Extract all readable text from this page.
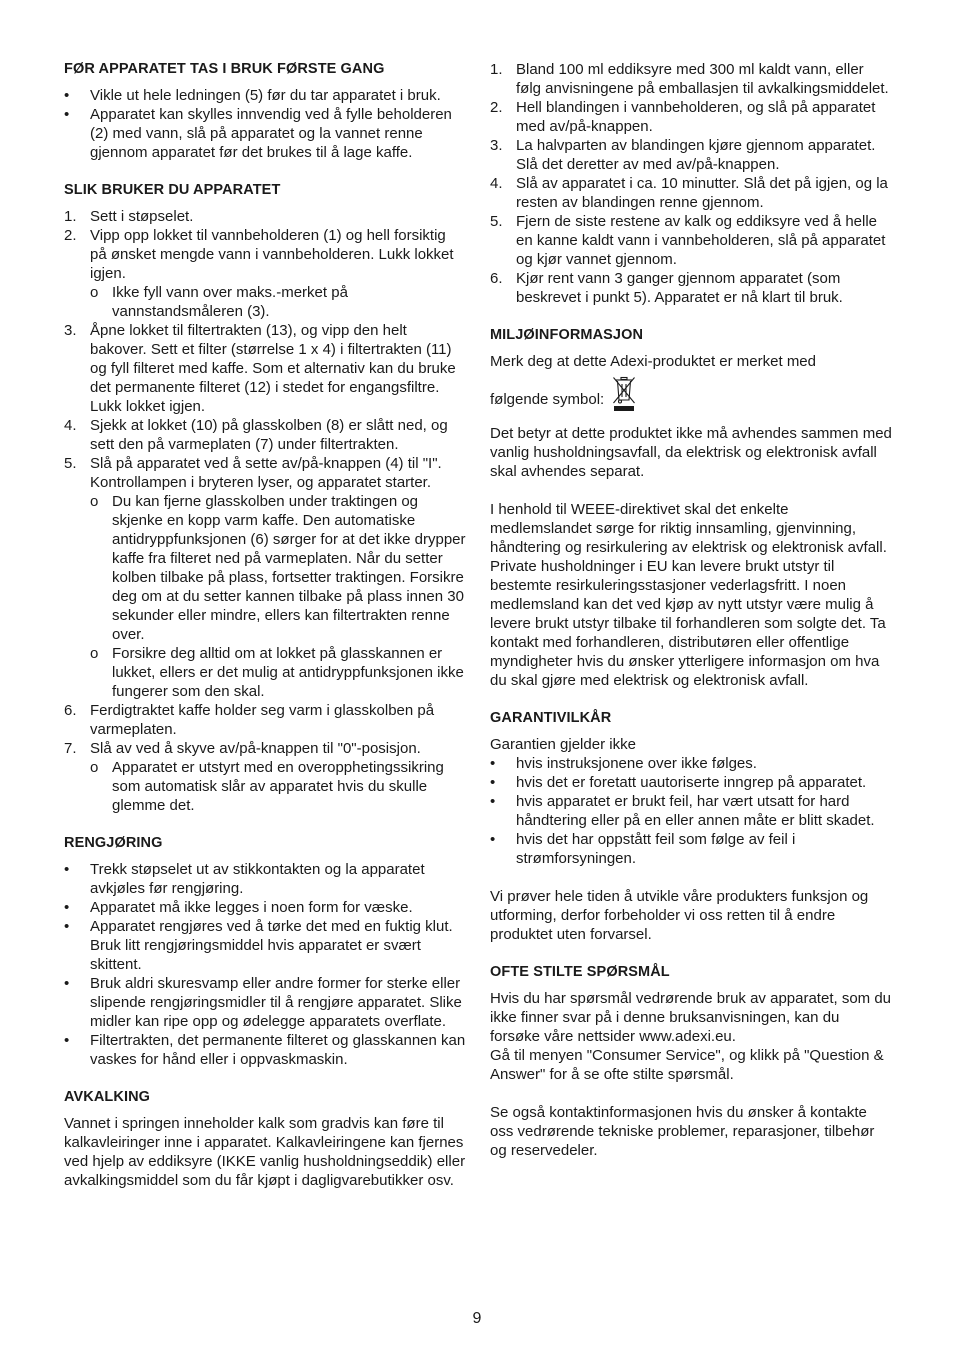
FØR APPARATET TAS I BRUK FØRSTE GANG
• Vikle ut hele ledningen (5) før du tar apparatet i bruk.

• Apparatet kan skylles innvendig ved å fylle beholderen (2) med vann, slå på apparatet og la vannet renne gjennom apparatet før det brukes til å lage kaffe.

SLIK BRUKER DU APPARATET
1. Sett i støpselet.

2. Vipp opp lokket til vannbeholderen (1) og hell forsiktig på ønsket mengde vann i vannbeholderen. Lukk lokket igjen.

o Ikke fyll vann over maks.-merket på vannstandsmåleren (3).

3. Åpne lokket til filtertrakten (13), og vipp den helt bakover. Sett et filter (størrelse 1 x 4) i filtertrakten (11) og fyll filteret med kaffe. Som et alternativ kan du bruke det permanente filteret (12) i stedet for engangsfiltre. Lukk lokket igjen.

4. Sjekk at lokket (10) på glasskolben (8) er slått ned, og sett den på varmeplaten (7) under filtertrakten.

5. Slå på apparatet ved å sette av/på-knappen (4) til "I". Kontrollampen i bryteren lyser, og apparatet starter.

o Du kan fjerne glasskolben under traktingen og skjenke en kopp varm kaffe. Den automatiske antidryppfunksjonen (6) sørger for at det ikke drypper kaffe fra filteret ned på varmeplaten. Når du setter kolben tilbake på plass, fortsetter traktingen. Forsikre deg om at du setter kannen tilbake på plass innen 30 sekunder eller mindre, ellers kan filtertrakten renne over.

o Forsikre deg alltid om at lokket på glasskannen er lukket, ellers er det mulig at antidryppfunksjonen ikke fungerer som den skal.

6. Ferdigtraktet kaffe holder seg varm i glasskolben på varmeplaten.

7. Slå av ved å skyve av/på-knappen til "0"-posisjon.

o Apparatet er utstyrt med en overopphetingssikring som automatisk slår av apparatet hvis du skulle glemme det.

RENGJØRING
• Trekk støpselet ut av stikkontakten og la apparatet avkjøles før rengjøring.

• Apparatet må ikke legges i noen form for væske.

• Apparatet rengjøres ved å tørke det med en fuktig klut. Bruk litt rengjøringsmiddel hvis apparatet er svært skittent.

• Bruk aldri skuresvamp eller andre former for sterke eller slipende rengjøringsmidler til å rengjøre apparatet. Slike midler kan ripe opp og ødelegge apparatets overflate.

• Filtertrakten, det permanente filteret og glasskannen kan vaskes for hånd eller i oppvaskmaskin.

AVKALKING

Vannet i springen inneholder kalk som gradvis kan føre til kalkavleiringer inne i apparatet. Kalkavleiringene kan fjernes ved hjelp av eddiksyre (IKKE vanlig husholdningseddik) eller avkalkingsmiddel som du får kjøpt i dagligvarebutikker osv.

1. Bland 100 ml eddiksyre med 300 ml kaldt vann, eller følg anvisningene på emballasjen til avkalkingsmiddelet.

2. Hell blandingen i vannbeholderen, og slå på apparatet med av/på-knappen.

3. La halvparten av blandingen kjøre gjennom apparatet. Slå det deretter av med av/på-knappen.

4. Slå av apparatet i ca. 10 minutter. Slå det på igjen, og la resten av blandingen renne gjennom.

5. Fjern de siste restene av kalk og eddiksyre ved å helle en kanne kaldt vann i vannbeholderen, slå på apparatet og kjør vannet gjennom.

6. Kjør rent vann 3 ganger gjennom apparatet (som beskrevet i punkt 5). Apparatet er nå klart til bruk.

MILJØINFORMASJON

Merk deg at dette Adexi-produktet er merket med

følgende symbol:

Det betyr at dette produktet ikke må avhendes sammen med vanlig husholdningsavfall, da elektrisk og elektronisk avfall skal avhendes separat.

I henhold til WEEE-direktivet skal det enkelte medlemslandet sørge for riktig innsamling, gjenvinning, håndtering og resirkulering av elektrisk og elektronisk avfall. Private husholdninger i EU kan levere brukt utstyr til bestemte resirkuleringsstasjoner vederlagsfritt. I noen medlemsland kan det ved kjøp av nytt utstyr være mulig å levere brukt utstyr tilbake til forhandleren som solgte det. Ta kontakt med forhandleren, distributøren eller offentlige myndigheter hvis du ønsker ytterligere informasjon om hva du skal gjøre med elektrisk og elektronisk avfall.

GARANTIVILKÅR

Garantien gjelder ikke

• hvis instruksjonene over ikke følges.

• hvis det er foretatt uautoriserte inngrep på apparatet.

• hvis apparatet er brukt feil, har vært utsatt for hard håndtering eller på en eller annen måte er blitt skadet.

• hvis det har oppstått feil som følge av feil i strømforsyningen.

Vi prøver hele tiden å utvikle våre produkters funksjon og utforming, derfor forbeholder vi oss retten til å endre produktet uten forvarsel.

OFTE STILTE SPØRSMÅL

Hvis du har spørsmål vedrørende bruk av apparatet, som du ikke finner svar på i denne bruksanvisningen, kan du forsøke våre nettsider www.adexi.eu.

Gå til menyen "Consumer Service", og klikk på "Question & Answer" for å se ofte stilte spørsmål.

Se også kontaktinformasjonen hvis du ønsker å kontakte oss vedrørende tekniske problemer, reparasjoner, tilbehør og reservedeler.

9
